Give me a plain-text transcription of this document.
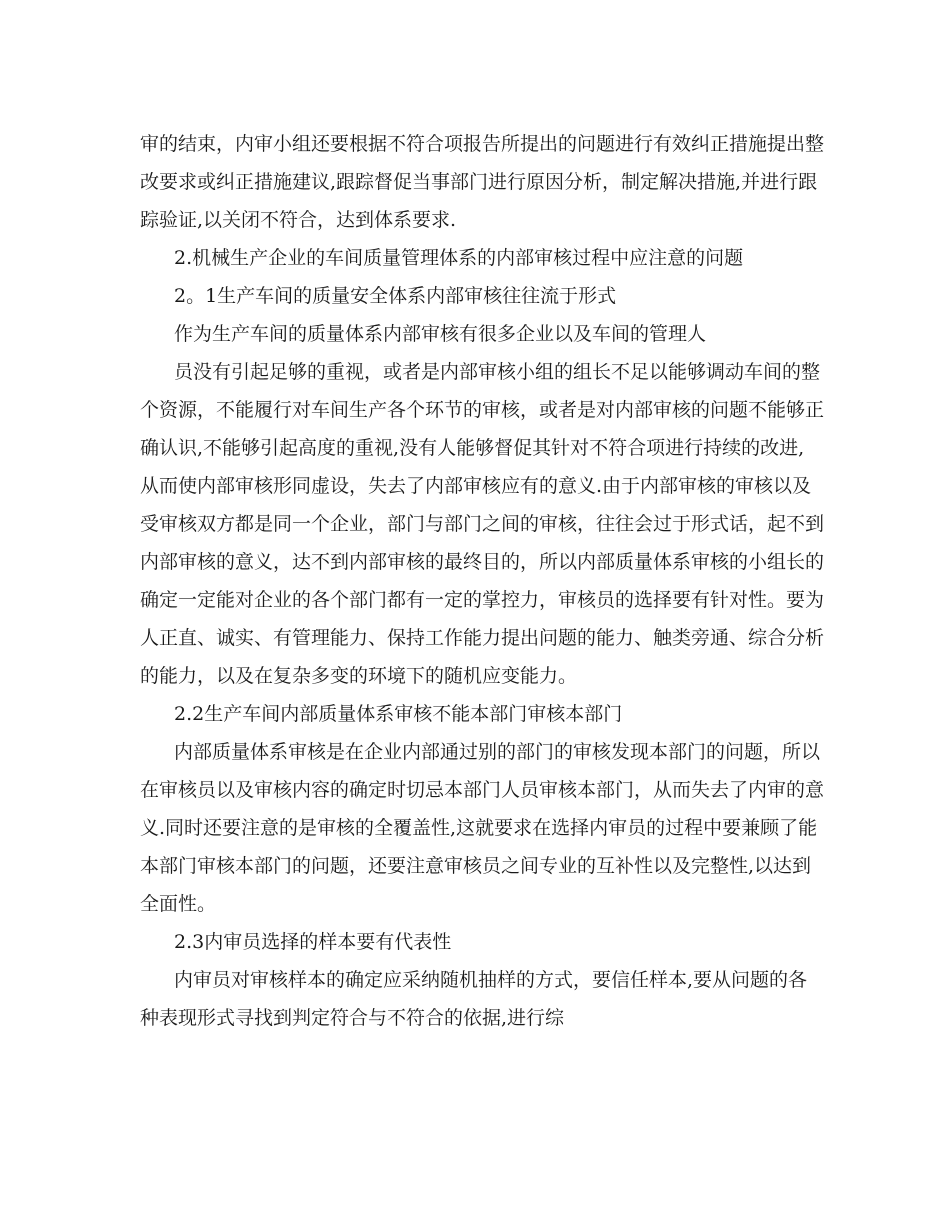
审的结束，内审小组还要根据不符合项报告所提出的问题进行有效纠正措施提出整
改要求或纠正措施建议,跟踪督促当事部门进行原因分析，制定解决措施,并进行跟
踪验证,以关闭不符合，达到体系要求.
2.机械生产企业的车间质量管理体系的内部审核过程中应注意的问题
2。1生产车间的质量安全体系内部审核往往流于形式
作为生产车间的质量体系内部审核有很多企业以及车间的管理人
员没有引起足够的重视，或者是内部审核小组的组长不足以能够调动车间的整
个资源，不能履行对车间生产各个环节的审核，或者是对内部审核的问题不能够正
确认识,不能够引起高度的重视,没有人能够督促其针对不符合项进行持续的改进,
从而使内部审核形同虚设，失去了内部审核应有的意义.由于内部审核的审核以及
受审核双方都是同一个企业，部门与部门之间的审核，往往会过于形式话，起不到
内部审核的意义，达不到内部审核的最终目的，所以内部质量体系审核的小组长的
确定一定能对企业的各个部门都有一定的掌控力，审核员的选择要有针对性。要为
人正直、诚实、有管理能力、保持工作能力提出问题的能力、触类旁通、综合分析
的能力，以及在复杂多变的环境下的随机应变能力。
2.2生产车间内部质量体系审核不能本部门审核本部门
内部质量体系审核是在企业内部通过别的部门的审核发现本部门的问题，所以
在审核员以及审核内容的确定时切忌本部门人员审核本部门，从而失去了内审的意
义.同时还要注意的是审核的全覆盖性,这就要求在选择内审员的过程中要兼顾了能
本部门审核本部门的问题，还要注意审核员之间专业的互补性以及完整性,以达到
全面性。
2.3内审员选择的样本要有代表性
内审员对审核样本的确定应采纳随机抽样的方式，要信任样本,要从问题的各
种表现形式寻找到判定符合与不符合的依据,进行综
